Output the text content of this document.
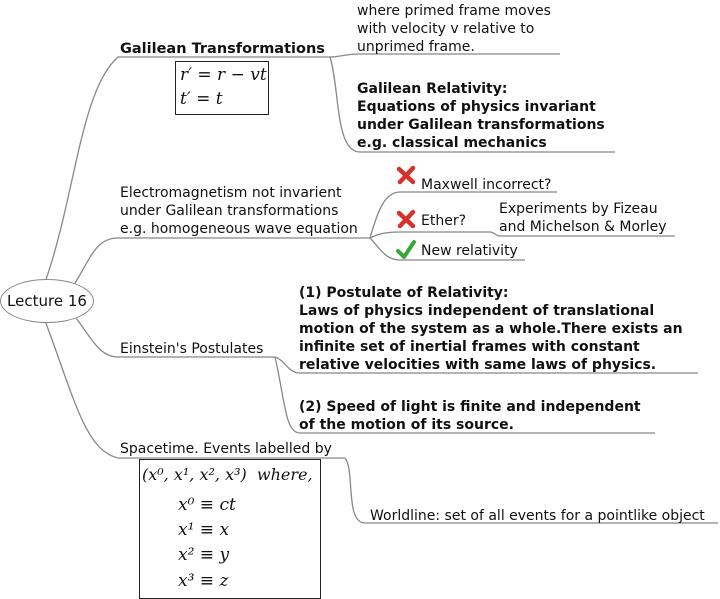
Lecture 16
Galilean Transformations
r′ = r − vt
t′ = t
where primed frame moves
with velocity v relative to
unprimed frame.
Galilean Relativity:
Equations of physics invariant
under Galilean transformations
e.g. classical mechanics
Electromagnetism not invarient
under Galilean transformations
e.g. homogeneous wave equation
Maxwell incorrect?
Ether?
Experiments by Fizeau
and Michelson & Morley
New relativity
Einstein's Postulates
(1) Postulate of Relativity:
Laws of physics independent of translational
motion of the system as a whole.There exists an
infinite set of inertial frames with constant
relative velocities with same laws of physics.
(2) Speed of light is finite and independent
of the motion of its source.
Spacetime. Events labelled by
(x⁰, x¹, x², x³)  where,
x⁰ ≡ ct
x¹ ≡ x
x² ≡ y
x³ ≡ z
Worldline: set of all events for a pointlike object
